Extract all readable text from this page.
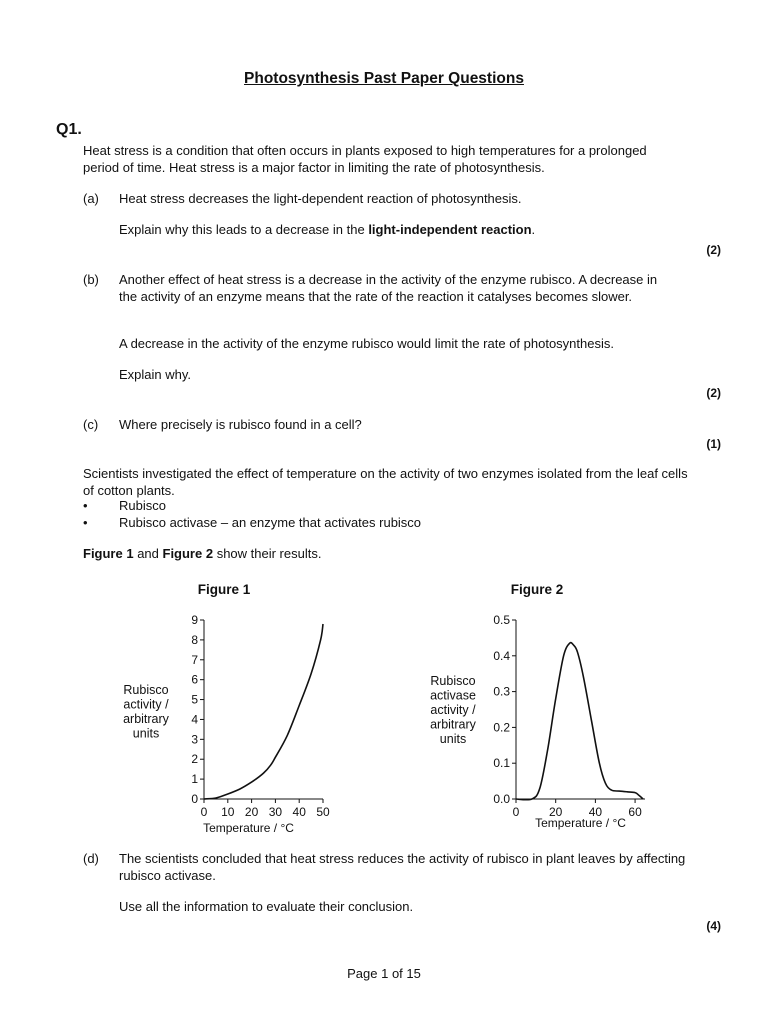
Photosynthesis Past Paper Questions
Q1.
Heat stress is a condition that often occurs in plants exposed to high temperatures for a prolonged period of time. Heat stress is a major factor in limiting the rate of photosynthesis.
(a) Heat stress decreases the light-dependent reaction of photosynthesis.
Explain why this leads to a decrease in the light-independent reaction.
(2)
(b) Another effect of heat stress is a decrease in the activity of the enzyme rubisco. A decrease in the activity of an enzyme means that the rate of the reaction it catalyses becomes slower.
A decrease in the activity of the enzyme rubisco would limit the rate of photosynthesis.
Explain why.
(2)
(c) Where precisely is rubisco found in a cell?
(1)
Scientists investigated the effect of temperature on the activity of two enzymes isolated from the leaf cells of cotton plants.
• Rubisco
• Rubisco activase – an enzyme that activates rubisco
Figure 1 and Figure 2 show their results.
Figure 1
0
1
2
3
4
5
6
7
8
9
0 10 20 30 40 50
Temperature / °C
Rubisco
activity /
arbitrary
units
Figure 2
0.0
0.1
0.2
0.3
0.4
0.5
0 20 40 60
Temperature / °C
Rubisco
activase
activity /
arbitrary
units
(d) The scientists concluded that heat stress reduces the activity of rubisco in plant leaves by affecting rubisco activase.
Use all the information to evaluate their conclusion.
(4)
Page 1 of 15
